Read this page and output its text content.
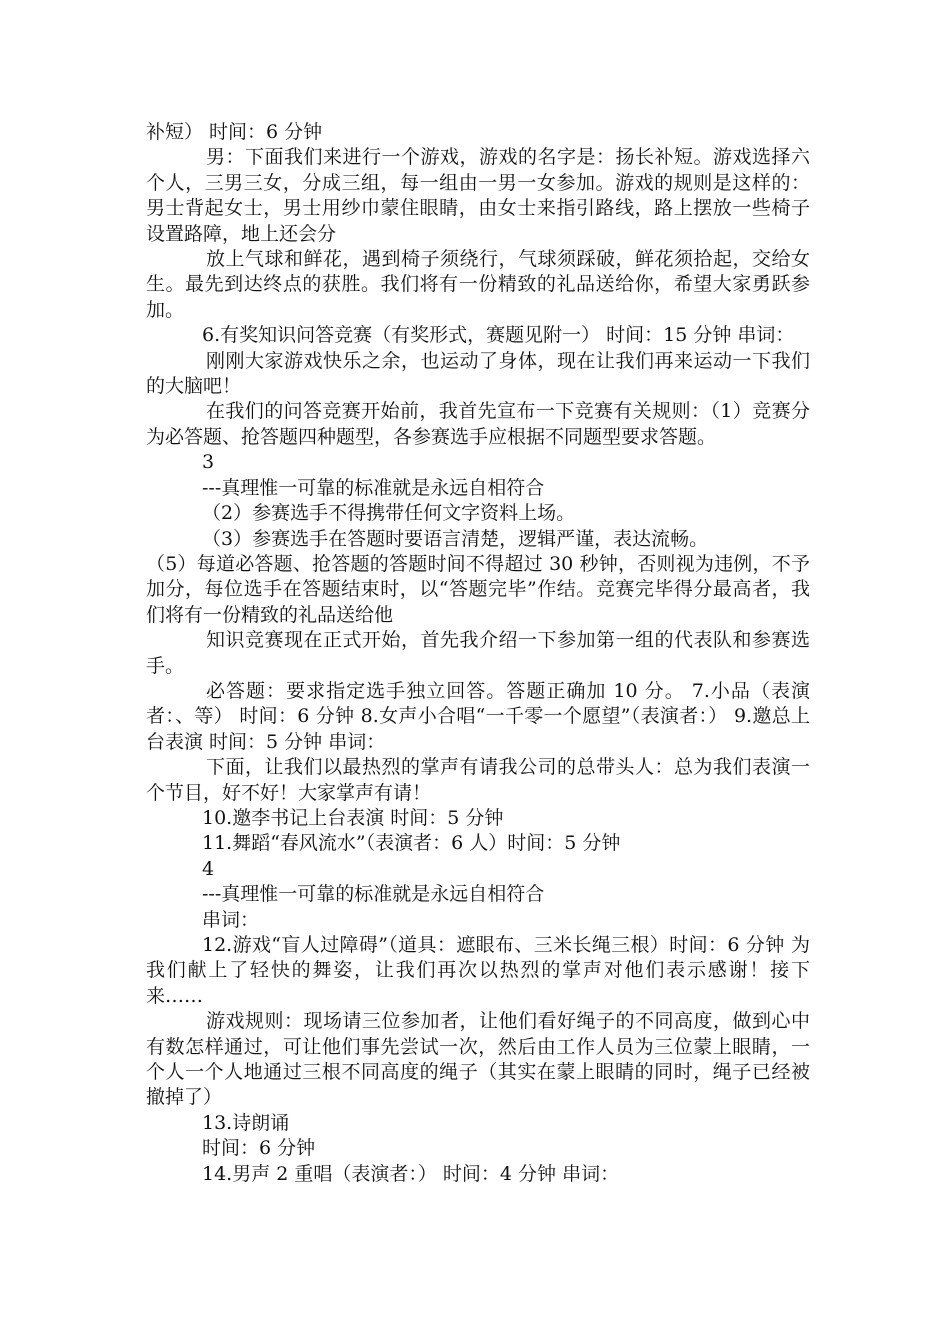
补短） 时间：6 分钟

男：下面我们来进行一个游戏，游戏的名字是：扬长补短。游戏选择六个人，三男三女，分成三组，每一组由一男一女参加。游戏的规则是这样的：男士背起女士，男士用纱巾蒙住眼睛，由女士来指引路线，路上摆放一些椅子设置路障，地上还会分

放上气球和鲜花，遇到椅子须绕行，气球须踩破，鲜花须拾起，交给女生。最先到达终点的获胜。我们将有一份精致的礼品送给你，希望大家勇跃参加。

6.有奖知识问答竞赛（有奖形式，赛题见附一） 时间：15 分钟 串词：

刚刚大家游戏快乐之余，也运动了身体，现在让我们再来运动一下我们的大脑吧！

在我们的问答竞赛开始前，我首先宣布一下竞赛有关规则：（1）竞赛分为必答题、抢答题四种题型，各参赛选手应根据不同题型要求答题。

3

---真理惟一可靠的标准就是永远自相符合

（2）参赛选手不得携带任何文字资料上场。

（3）参赛选手在答题时要语言清楚，逻辑严谨，表达流畅。

（5）每道必答题、抢答题的答题时间不得超过 30 秒钟，否则视为违例，不予加分，每位选手在答题结束时，以“答题完毕”作结。竞赛完毕得分最高者，我们将有一份精致的礼品送给他

知识竞赛现在正式开始，首先我介绍一下参加第一组的代表队和参赛选手。

必答题：要求指定选手独立回答。答题正确加 10 分。 7.小品（表演者：、等） 时间：6 分钟 8.女声小合唱“一千零一个愿望”（表演者：） 9.邀总上台表演 时间：5 分钟 串词：

下面，让我们以最热烈的掌声有请我公司的总带头人：总为我们表演一个节目，好不好！大家掌声有请！

10.邀李书记上台表演 时间：5 分钟

11.舞蹈“春风流水”（表演者：6 人）时间：5 分钟

4

---真理惟一可靠的标准就是永远自相符合

串词：

12.游戏“盲人过障碍”（道具：遮眼布、三米长绳三根）时间：6 分钟 为我们献上了轻快的舞姿，让我们再次以热烈的掌声对他们表示感谢！接下来……

游戏规则：现场请三位参加者，让他们看好绳子的不同高度，做到心中有数怎样通过，可让他们事先尝试一次，然后由工作人员为三位蒙上眼睛，一个人一个人地通过三根不同高度的绳子（其实在蒙上眼睛的同时，绳子已经被撤掉了）

13.诗朗诵

时间：6 分钟

14.男声 2 重唱（表演者：） 时间：4 分钟 串词：
